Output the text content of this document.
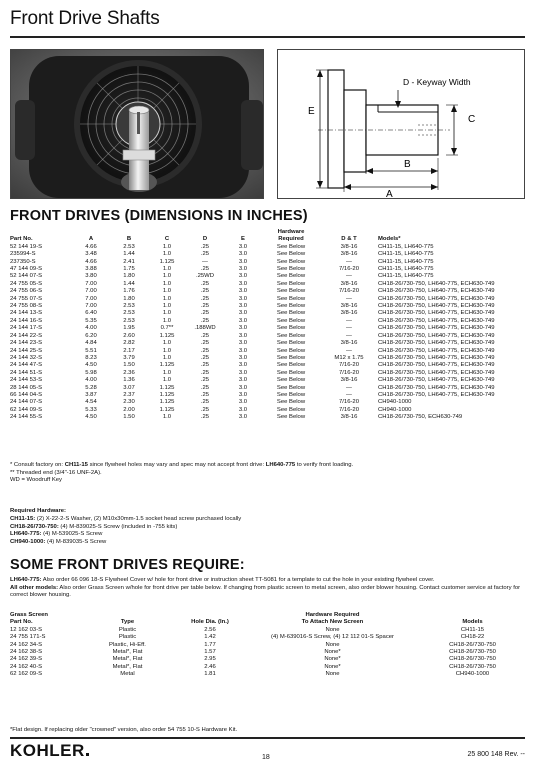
Front Drive Shafts
E
C
D - Keyway Width
B
A
FRONT DRIVES (DIMENSIONS IN INCHES)
						Hardware		
Part No.	A	B	C	D	E	Required	D & T	Models*
52 144 19-S	4.66	2.53	1.0	.25	3.0	See Below	3/8-16	CH11-15, LH640-775
235994-S	3.48	1.44	1.0	.25	3.0	See Below	3/8-16	CH11-15, LH640-775
237350-S	4.66	2.41	1.125	—	3.0	See Below	—	CH11-15, LH640-775
47 144 09-S	3.88	1.75	1.0	.25	3.0	See Below	7/16-20	CH11-15, LH640-775
52 144 07-S	3.80	1.80	1.0	.25WD	3.0	See Below	—	CH11-15, LH640-775
24 755 05-S	7.00	1.44	1.0	.25	3.0	See Below	3/8-16	CH18-26/730-750, LH640-775, ECH630-749
24 755 06-S	7.00	1.76	1.0	.25	3.0	See Below	7/16-20	CH18-26/730-750, LH640-775, ECH630-749
24 755 07-S	7.00	1.80	1.0	.25	3.0	See Below	—	CH18-26/730-750, LH640-775, ECH630-749
24 755 08-S	7.00	2.53	1.0	.25	3.0	See Below	3/8-16	CH18-26/730-750, LH640-775, ECH630-749
24 144 13-S	6.40	2.53	1.0	.25	3.0	See Below	3/8-16	CH18-26/730-750, LH640-775, ECH630-749
24 144 16-S	5.35	2.53	1.0	.25	3.0	See Below	—	CH18-26/730-750, LH640-775, ECH630-749
24 144 17-S	4.00	1.95	0.7**	.188WD	3.0	See Below	—	CH18-26/730-750, LH640-775, ECH630-749
24 144 22-S	6.20	2.60	1.125	.25	3.0	See Below	—	CH18-26/730-750, LH640-775, ECH630-749
24 144 23-S	4.84	2.82	1.0	.25	3.0	See Below	3/8-16	CH18-26/730-750, LH640-775, ECH630-749
24 144 25-S	5.51	2.17	1.0	.25	3.0	See Below	—	CH18-26/730-750, LH640-775, ECH630-749
24 144 32-S	8.23	3.79	1.0	.25	3.0	See Below	M12 x 1.75	CH18-26/730-750, LH640-775, ECH630-749
24 144 47-S	4.50	1.50	1.125	.25	3.0	See Below	7/16-20	CH18-26/730-750, LH640-775, ECH630-749
24 144 51-S	5.98	2.36	1.0	.25	3.0	See Below	7/16-20	CH18-26/730-750, LH640-775, ECH630-749
24 144 53-S	4.00	1.36	1.0	.25	3.0	See Below	3/8-16	CH18-26/730-750, LH640-775, ECH630-749
28 144 05-S	5.28	3.07	1.125	.25	3.0	See Below	—	CH18-26/730-750, LH640-775, ECH630-749
66 144 04-S	3.87	2.37	1.125	.25	3.0	See Below	—	CH18-26/730-750, LH640-775, ECH630-749
24 144 07-S	4.54	2.30	1.125	.25	3.0	See Below	7/16-20	CH940-1000
62 144 09-S	5.33	2.00	1.125	.25	3.0	See Below	7/16-20	CH940-1000
24 144 55-S	4.50	1.50	1.0	.25	3.0	See Below	3/8-16	CH18-26/730-750, ECH630-749
* Consult factory on: CH11-15 since flywheel holes may vary and spec may not accept front drive: LH640-775 to verify front loading.
** Threaded end (3/4"-16 UNF-2A).
WD = Woodruff Key
Required Hardware:
CH11-15: (2) X-22-2-S Washer, (2) M10x30mm-1.5 socket head screw purchased locally
CH18-26/730-750: (4) M-839025-S Screw (included in -755 kits)
LH640-775: (4) M-539025-S Screw
CH940-1000: (4) M-839035-S Screw
SOME FRONT DRIVES REQUIRE:
LH640-775: Also order 66 096 18-S Flywheel Cover w/ hole for front drive or instruction sheet TT-5081 for a template to cut the hole in your existing flywheel cover.
All other models: Also order Grass Screen w/hole for front drive per table below. If changing from plastic screen to metal screen, also order blower housing. Contact customer service at factory for correct blower housing.
Grass Screen			Hardware Required	
Part No.	Type	Hole Dia. (In.)	To Attach New Screen	Models
12 162 03-S	Plastic	2.56	None	CH11-15
24 755 171-S	Plastic	1.42	(4) M-639016-S Screw, (4) 12 112 01-S Spacer	CH18-22
24 162 34-S	Plastic, Hi-Eff.	1.77	None	CH18-26/730-750
24 162 38-S	Metal*, Flat	1.57	None*	CH18-26/730-750
24 162 39-S	Metal*, Flat	2.95	None*	CH18-26/730-750
24 162 40-S	Metal*, Flat	2.46	None*	CH18-26/730-750
62 162 09-S	Metal	1.81	None	CH940-1000
*Flat design. If replacing older "crowned" version, also order 54 755 10-S Hardware Kit.
KOHLER	18	25 800 148 Rev. --
